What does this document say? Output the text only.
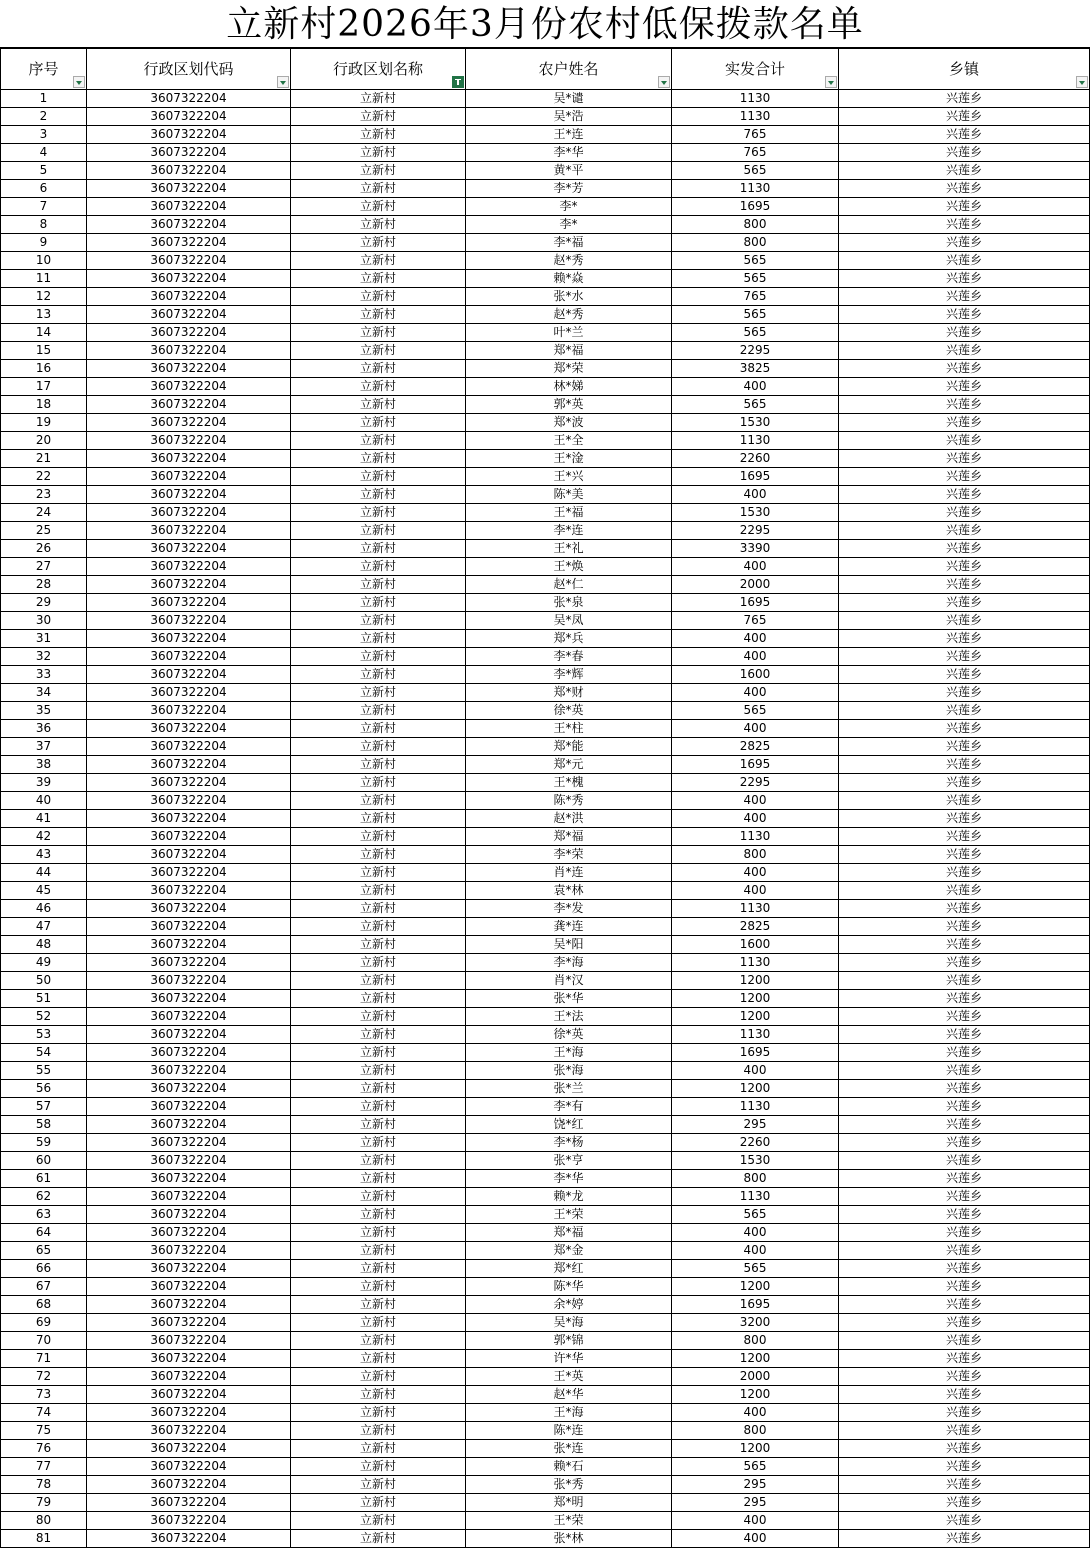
立新村2026年3月份农村低保拨款名单
序号	行政区划代码	行政区划名称	农户姓名	实发合计	乡镇

1	3607322204	立新村	吴*谴	1130	兴莲乡
2	3607322204	立新村	吴*浩	1130	兴莲乡
3	3607322204	立新村	王*连	765	兴莲乡
4	3607322204	立新村	李*华	765	兴莲乡
5	3607322204	立新村	黄*平	565	兴莲乡
6	3607322204	立新村	李*芳	1130	兴莲乡
7	3607322204	立新村	李*	1695	兴莲乡
8	3607322204	立新村	李*	800	兴莲乡
9	3607322204	立新村	李*福	800	兴莲乡
10	3607322204	立新村	赵*秀	565	兴莲乡
11	3607322204	立新村	赖*焱	565	兴莲乡
12	3607322204	立新村	张*水	765	兴莲乡
13	3607322204	立新村	赵*秀	565	兴莲乡
14	3607322204	立新村	叶*兰	565	兴莲乡
15	3607322204	立新村	郑*福	2295	兴莲乡
16	3607322204	立新村	郑*荣	3825	兴莲乡
17	3607322204	立新村	林*娣	400	兴莲乡
18	3607322204	立新村	郭*英	565	兴莲乡
19	3607322204	立新村	郑*波	1530	兴莲乡
20	3607322204	立新村	王*全	1130	兴莲乡
21	3607322204	立新村	王*淦	2260	兴莲乡
22	3607322204	立新村	王*兴	1695	兴莲乡
23	3607322204	立新村	陈*美	400	兴莲乡
24	3607322204	立新村	王*福	1530	兴莲乡
25	3607322204	立新村	李*连	2295	兴莲乡
26	3607322204	立新村	王*礼	3390	兴莲乡
27	3607322204	立新村	王*焕	400	兴莲乡
28	3607322204	立新村	赵*仁	2000	兴莲乡
29	3607322204	立新村	张*泉	1695	兴莲乡
30	3607322204	立新村	吴*凤	765	兴莲乡
31	3607322204	立新村	郑*兵	400	兴莲乡
32	3607322204	立新村	李*春	400	兴莲乡
33	3607322204	立新村	李*辉	1600	兴莲乡
34	3607322204	立新村	郑*财	400	兴莲乡
35	3607322204	立新村	徐*英	565	兴莲乡
36	3607322204	立新村	王*柱	400	兴莲乡
37	3607322204	立新村	郑*能	2825	兴莲乡
38	3607322204	立新村	郑*元	1695	兴莲乡
39	3607322204	立新村	王*槐	2295	兴莲乡
40	3607322204	立新村	陈*秀	400	兴莲乡
41	3607322204	立新村	赵*洪	400	兴莲乡
42	3607322204	立新村	郑*福	1130	兴莲乡
43	3607322204	立新村	李*荣	800	兴莲乡
44	3607322204	立新村	肖*连	400	兴莲乡
45	3607322204	立新村	袁*林	400	兴莲乡
46	3607322204	立新村	李*发	1130	兴莲乡
47	3607322204	立新村	龚*连	2825	兴莲乡
48	3607322204	立新村	吴*阳	1600	兴莲乡
49	3607322204	立新村	李*海	1130	兴莲乡
50	3607322204	立新村	肖*汉	1200	兴莲乡
51	3607322204	立新村	张*华	1200	兴莲乡
52	3607322204	立新村	王*法	1200	兴莲乡
53	3607322204	立新村	徐*英	1130	兴莲乡
54	3607322204	立新村	王*海	1695	兴莲乡
55	3607322204	立新村	张*海	400	兴莲乡
56	3607322204	立新村	张*兰	1200	兴莲乡
57	3607322204	立新村	李*有	1130	兴莲乡
58	3607322204	立新村	饶*红	295	兴莲乡
59	3607322204	立新村	李*杨	2260	兴莲乡
60	3607322204	立新村	张*亨	1530	兴莲乡
61	3607322204	立新村	李*华	800	兴莲乡
62	3607322204	立新村	赖*龙	1130	兴莲乡
63	3607322204	立新村	王*荣	565	兴莲乡
64	3607322204	立新村	郑*福	400	兴莲乡
65	3607322204	立新村	郑*金	400	兴莲乡
66	3607322204	立新村	郑*红	565	兴莲乡
67	3607322204	立新村	陈*华	1200	兴莲乡
68	3607322204	立新村	余*婷	1695	兴莲乡
69	3607322204	立新村	吴*海	3200	兴莲乡
70	3607322204	立新村	郭*锦	800	兴莲乡
71	3607322204	立新村	许*华	1200	兴莲乡
72	3607322204	立新村	王*英	2000	兴莲乡
73	3607322204	立新村	赵*华	1200	兴莲乡
74	3607322204	立新村	王*海	400	兴莲乡
75	3607322204	立新村	陈*连	800	兴莲乡
76	3607322204	立新村	张*连	1200	兴莲乡
77	3607322204	立新村	赖*石	565	兴莲乡
78	3607322204	立新村	张*秀	295	兴莲乡
79	3607322204	立新村	郑*明	295	兴莲乡
80	3607322204	立新村	王*荣	400	兴莲乡
81	3607322204	立新村	张*林	400	兴莲乡
